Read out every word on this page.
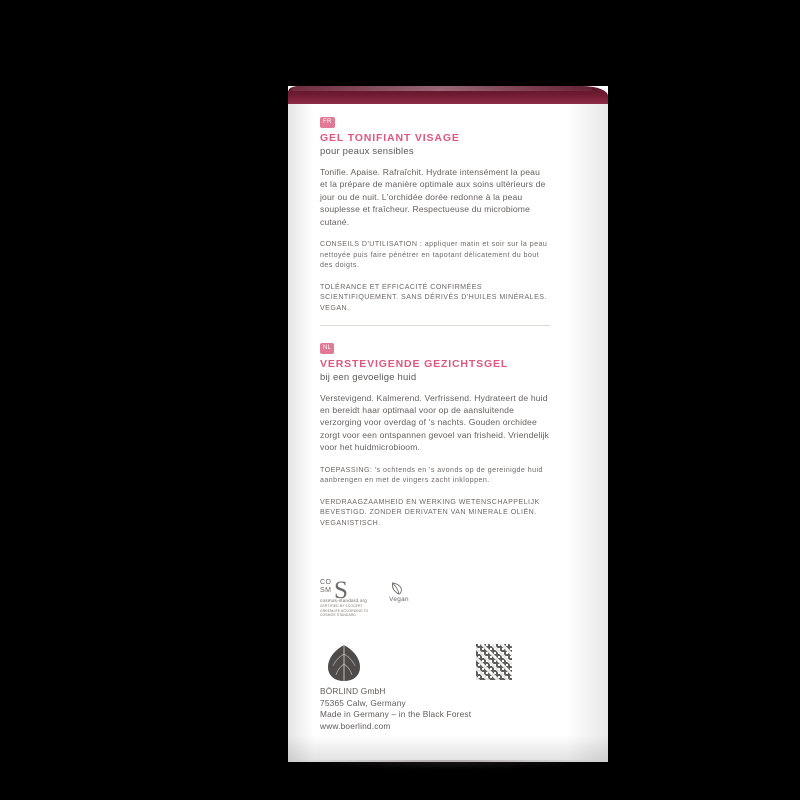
FR
GEL TONIFIANT VISAGE
pour peaux sensibles

Tonifie. Apaise. Rafraîchit. Hydrate intensément la peau et la prépare de manière optimale aux soins ultérieurs de jour ou de nuit. L'orchidée dorée redonne à la peau souplesse et fraîcheur. Respectueuse du microbiome cutané.

CONSEILS D'UTILISATION : appliquer matin et soir sur la peau nettoyée puis faire pénétrer en tapotant délicatement du bout des doigts.

TOLÉRANCE ET EFFICACITÉ CONFIRMÉES SCIENTIFIQUEMENT. SANS DÉRIVÉS D'HUILES MINÉRALES. VEGAN.

NL
VERSTEVIGENDE GEZICHTSGEL
bij een gevoelige huid

Verstevigend. Kalmerend. Verfrissend. Hydrateert de huid en bereidt haar optimaal voor op de aansluitende verzorging voor overdag of 's nachts. Gouden orchidee zorgt voor een ontspannen gevoel van frisheid. Vriendelijk voor het huidmicrobioom.

TOEPASSING: 's ochtends en 's avonds op de gereinigde huid aanbrengen en met de vingers zacht inkloppen.

VERDRAAGZAAMHEID EN WERKING WETENSCHAPPELIJK BEVESTIGD. ZONDER DERIVATEN VAN MINERALE OLIËN. VEGANISTISCH.

CO
SM S
cosmos-standard.org
CERTIFIED BY ECOCERT GREENLIFE ACCORDING TO COSMOS STANDARD
Vegan
BÖRLIND GmbH
75365 Calw, Germany
Made in Germany – in the Black Forest
www.boerlind.com
